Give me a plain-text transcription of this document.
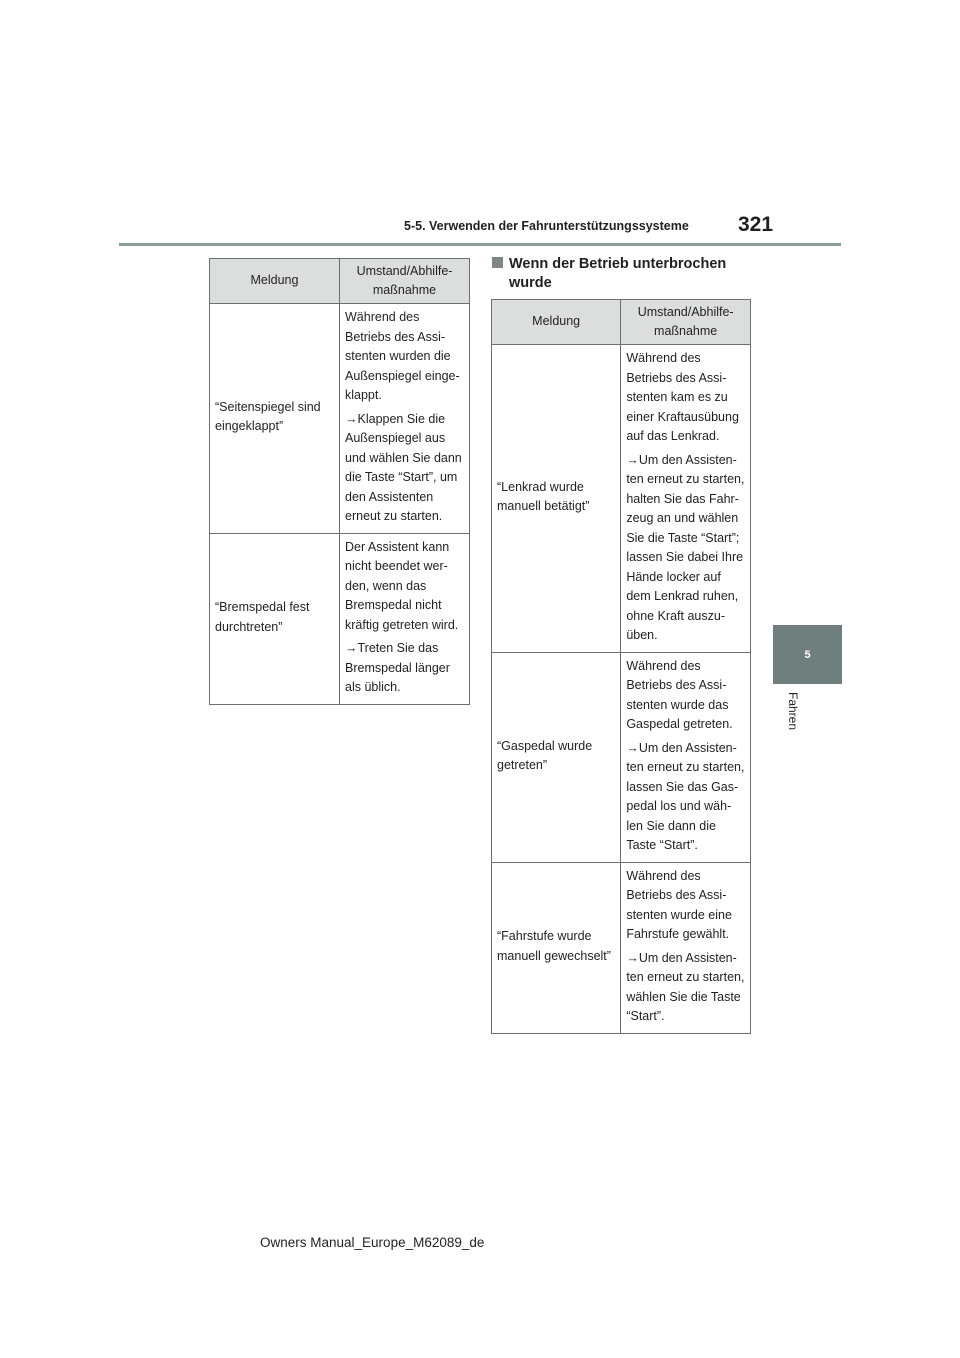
5-5. Verwenden der Fahrunterstützungssysteme 321
5
Fahren
Meldung	Umstand/Abhilfe-maßnahme

“Seitenspiegel sind eingeklappt”	Während des Betriebs des Assi-stenten wurden die Außenspiegel einge-klappt.

→Klappen Sie die Außenspiegel aus und wählen Sie dann die Taste “Start”, um den Assistenten erneut zu starten.

“Bremspedal fest durchtreten”	Der Assistent kann nicht beendet wer-den, wenn das Bremspedal nicht kräftig getreten wird.

→Treten Sie das Bremspedal länger als üblich.

Wenn der Betrieb unterbrochen
wurde
Meldung	Umstand/Abhilfe-maßnahme

“Lenkrad wurde manuell betätigt”	Während des Betriebs des Assi-stenten kam es zu einer Kraftausübung auf das Lenkrad.

→Um den Assisten-ten erneut zu starten, halten Sie das Fahr-zeug an und wählen Sie die Taste “Start”; lassen Sie dabei Ihre Hände locker auf dem Lenkrad ruhen, ohne Kraft auszu-üben.

“Gaspedal wurde getreten”	Während des Betriebs des Assi-stenten wurde das Gaspedal getreten.

→Um den Assisten-ten erneut zu starten, lassen Sie das Gas-pedal los und wäh-len Sie dann die Taste “Start”.

“Fahrstufe wurde manuell gewechselt”	Während des Betriebs des Assi-stenten wurde eine Fahrstufe gewählt.

→Um den Assisten-ten erneut zu starten, wählen Sie die Taste “Start”.

Owners Manual_Europe_M62089_de
